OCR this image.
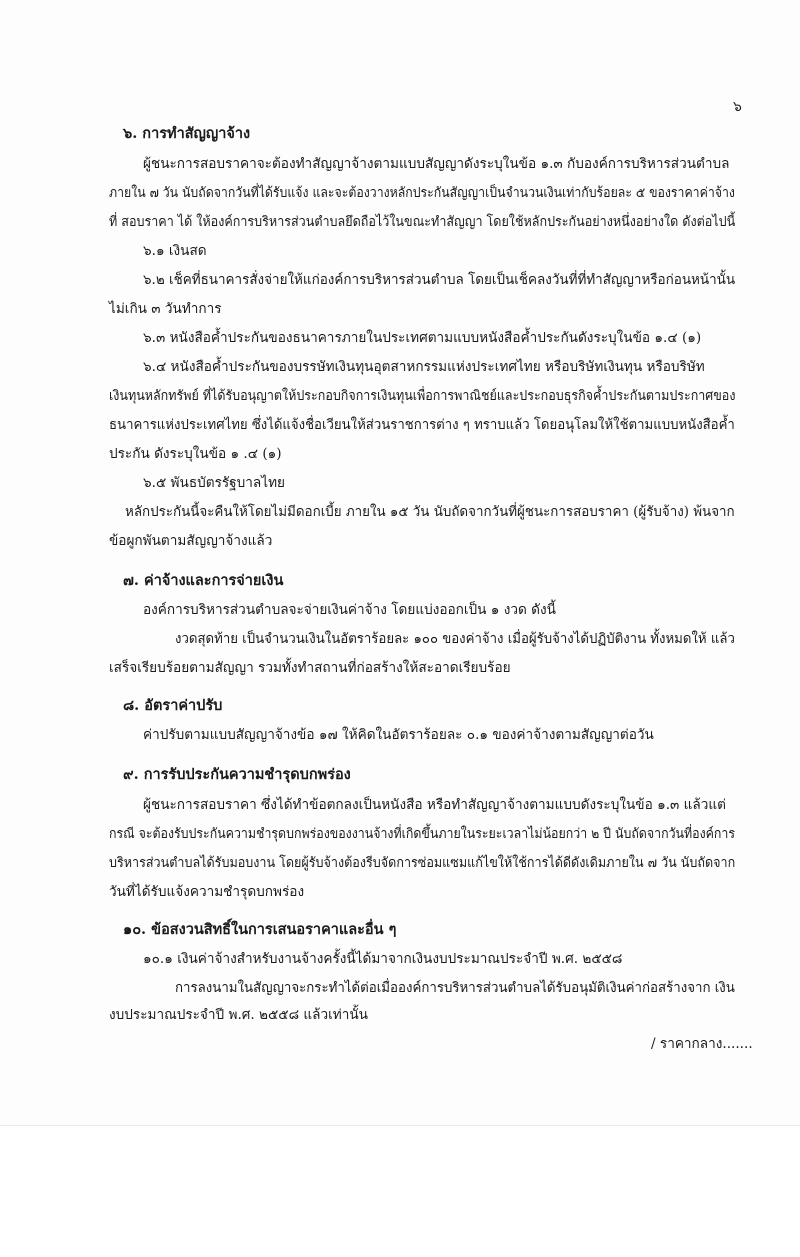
๖
๖. การทำสัญญาจ้าง
ผู้ชนะการสอบราคาจะต้องทำสัญญาจ้างตามแบบสัญญาดังระบุในข้อ ๑.๓ กับองค์การบริหารส่วนตำบล
ภายใน ๗ วัน นับถัดจากวันที่ได้รับแจ้ง และจะต้องวางหลักประกันสัญญาเป็นจำนวนเงินเท่ากับร้อยละ ๕ ของราคาค่าจ้าง
ที่ สอบราคา ได้ ให้องค์การบริหารส่วนตำบลยึดถือไว้ในขณะทำสัญญา โดยใช้หลักประกันอย่างหนึ่งอย่างใด ดังต่อไปนี้
๖.๑ เงินสด
๖.๒ เช็คที่ธนาคารสั่งจ่ายให้แก่องค์การบริหารส่วนตำบล โดยเป็นเช็คลงวันที่ที่ทำสัญญาหรือก่อนหน้านั้น
ไม่เกิน ๓ วันทำการ
๖.๓ หนังสือค้ำประกันของธนาคารภายในประเทศตามแบบหนังสือค้ำประกันดังระบุในข้อ ๑.๔ (๑)
๖.๔ หนังสือค้ำประกันของบรรษัทเงินทุนอุตสาหกรรมแห่งประเทศไทย หรือบริษัทเงินทุน หรือบริษัท
เงินทุนหลักทรัพย์ ที่ได้รับอนุญาตให้ประกอบกิจการเงินทุนเพื่อการพาณิชย์และประกอบธุรกิจค้ำประกันตามประกาศของ
ธนาคารแห่งประเทศไทย ซึ่งได้แจ้งชื่อเวียนให้ส่วนราชการต่าง ๆ ทราบแล้ว โดยอนุโลมให้ใช้ตามแบบหนังสือค้ำ
ประกัน ดังระบุในข้อ ๑ .๔ (๑)
๖.๕ พันธบัตรรัฐบาลไทย
หลักประกันนี้จะคืนให้โดยไม่มีดอกเบี้ย ภายใน ๑๕ วัน นับถัดจากวันที่ผู้ชนะการสอบราคา (ผู้รับจ้าง) พ้นจาก
ข้อผูกพันตามสัญญาจ้างแล้ว
๗. ค่าจ้างและการจ่ายเงิน
องค์การบริหารส่วนตำบลจะจ่ายเงินค่าจ้าง โดยแบ่งออกเป็น ๑ งวด ดังนี้
งวดสุดท้าย เป็นจำนวนเงินในอัตราร้อยละ ๑๐๐ ของค่าจ้าง เมื่อผู้รับจ้างได้ปฏิบัติงาน ทั้งหมดให้ แล้ว
เสร็จเรียบร้อยตามสัญญา รวมทั้งทำสถานที่ก่อสร้างให้สะอาดเรียบร้อย
๘. อัตราค่าปรับ
ค่าปรับตามแบบสัญญาจ้างข้อ ๑๗ ให้คิดในอัตราร้อยละ ๐.๑ ของค่าจ้างตามสัญญาต่อวัน
๙. การรับประกันความชำรุดบกพร่อง
ผู้ชนะการสอบราคา ซึ่งได้ทำข้อตกลงเป็นหนังสือ หรือทำสัญญาจ้างตามแบบดังระบุในข้อ ๑.๓ แล้วแต่
กรณี จะต้องรับประกันความชำรุดบกพร่องของงานจ้างที่เกิดขึ้นภายในระยะเวลาไม่น้อยกว่า ๒ ปี นับถัดจากวันที่องค์การ
บริหารส่วนตำบลได้รับมอบงาน โดยผู้รับจ้างต้องรีบจัดการซ่อมแซมแก้ไขให้ใช้การได้ดีดังเดิมภายใน ๗ วัน นับถัดจาก
วันที่ได้รับแจ้งความชำรุดบกพร่อง
๑๐. ข้อสงวนสิทธิ์ในการเสนอราคาและอื่น ๆ
๑๐.๑ เงินค่าจ้างสำหรับงานจ้างครั้งนี้ได้มาจากเงินงบประมาณประจำปี พ.ศ. ๒๕๕๘
การลงนามในสัญญาจะกระทำได้ต่อเมื่อองค์การบริหารส่วนตำบลได้รับอนุมัติเงินค่าก่อสร้างจาก เงิน
งบประมาณประจำปี พ.ศ. ๒๕๕๘ แล้วเท่านั้น
/ ราคากลาง.......
